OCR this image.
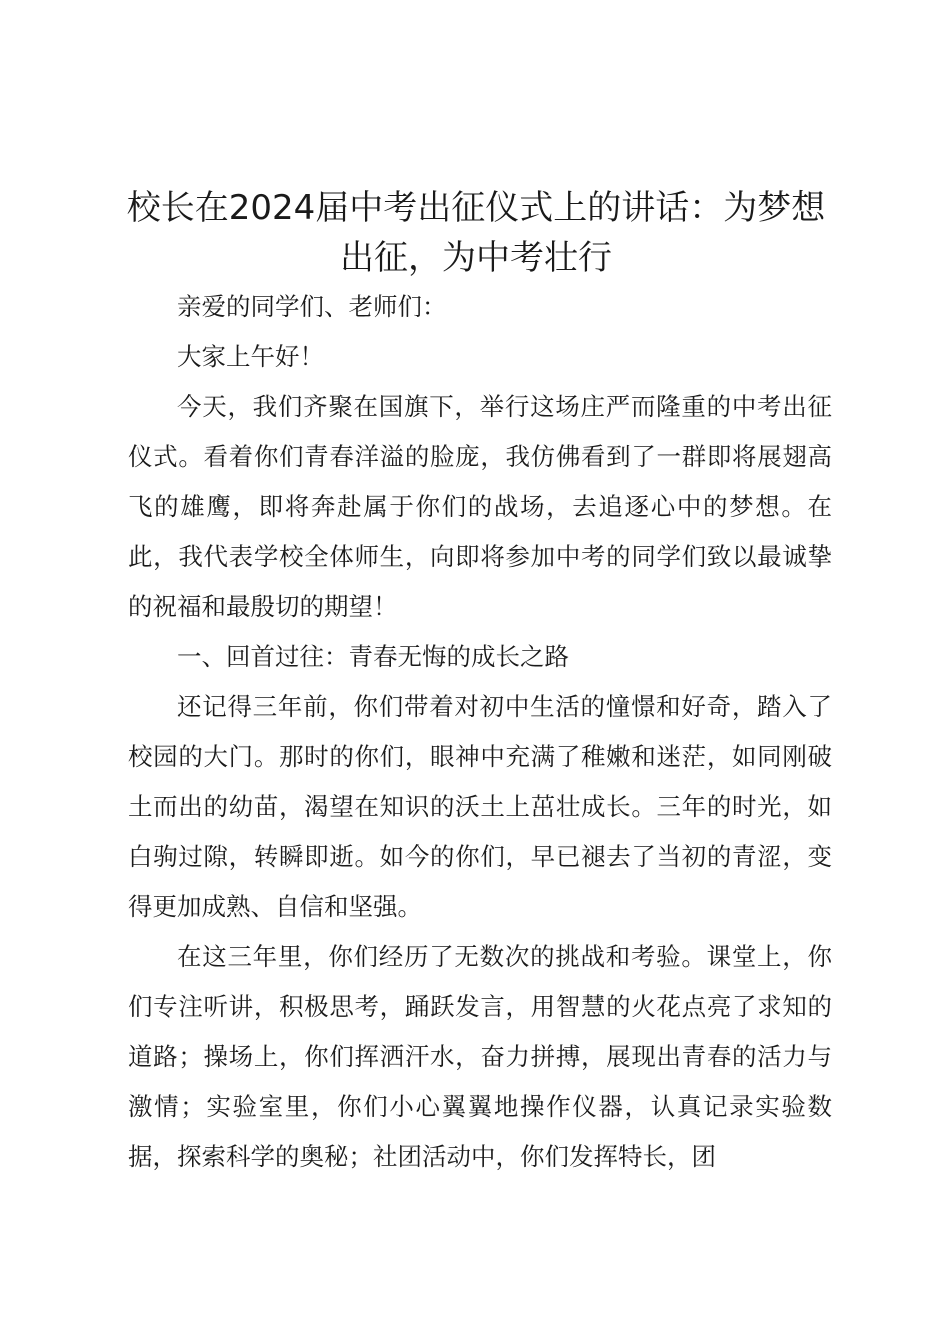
校长在2024届中考出征仪式上的讲话：为梦想出征，为中考壮行

亲爱的同学们、老师们：

大家上午好！

今天，我们齐聚在国旗下，举行这场庄严而隆重的中考出征仪式。看着你们青春洋溢的脸庞，我仿佛看到了一群即将展翅高飞的雄鹰，即将奔赴属于你们的战场，去追逐心中的梦想。在此，我代表学校全体师生，向即将参加中考的同学们致以最诚挚的祝福和最殷切的期望！

一、回首过往：青春无悔的成长之路

还记得三年前，你们带着对初中生活的憧憬和好奇，踏入了校园的大门。那时的你们，眼神中充满了稚嫩和迷茫，如同刚破土而出的幼苗，渴望在知识的沃土上茁壮成长。三年的时光，如白驹过隙，转瞬即逝。如今的你们，早已褪去了当初的青涩，变得更加成熟、自信和坚强。

在这三年里，你们经历了无数次的挑战和考验。课堂上，你们专注听讲，积极思考，踊跃发言，用智慧的火花点亮了求知的道路；操场上，你们挥洒汗水，奋力拼搏，展现出青春的活力与激情；实验室里，你们小心翼翼地操作仪器，认真记录实验数据，探索科学的奥秘；社团活动中，你们发挥特长，团
